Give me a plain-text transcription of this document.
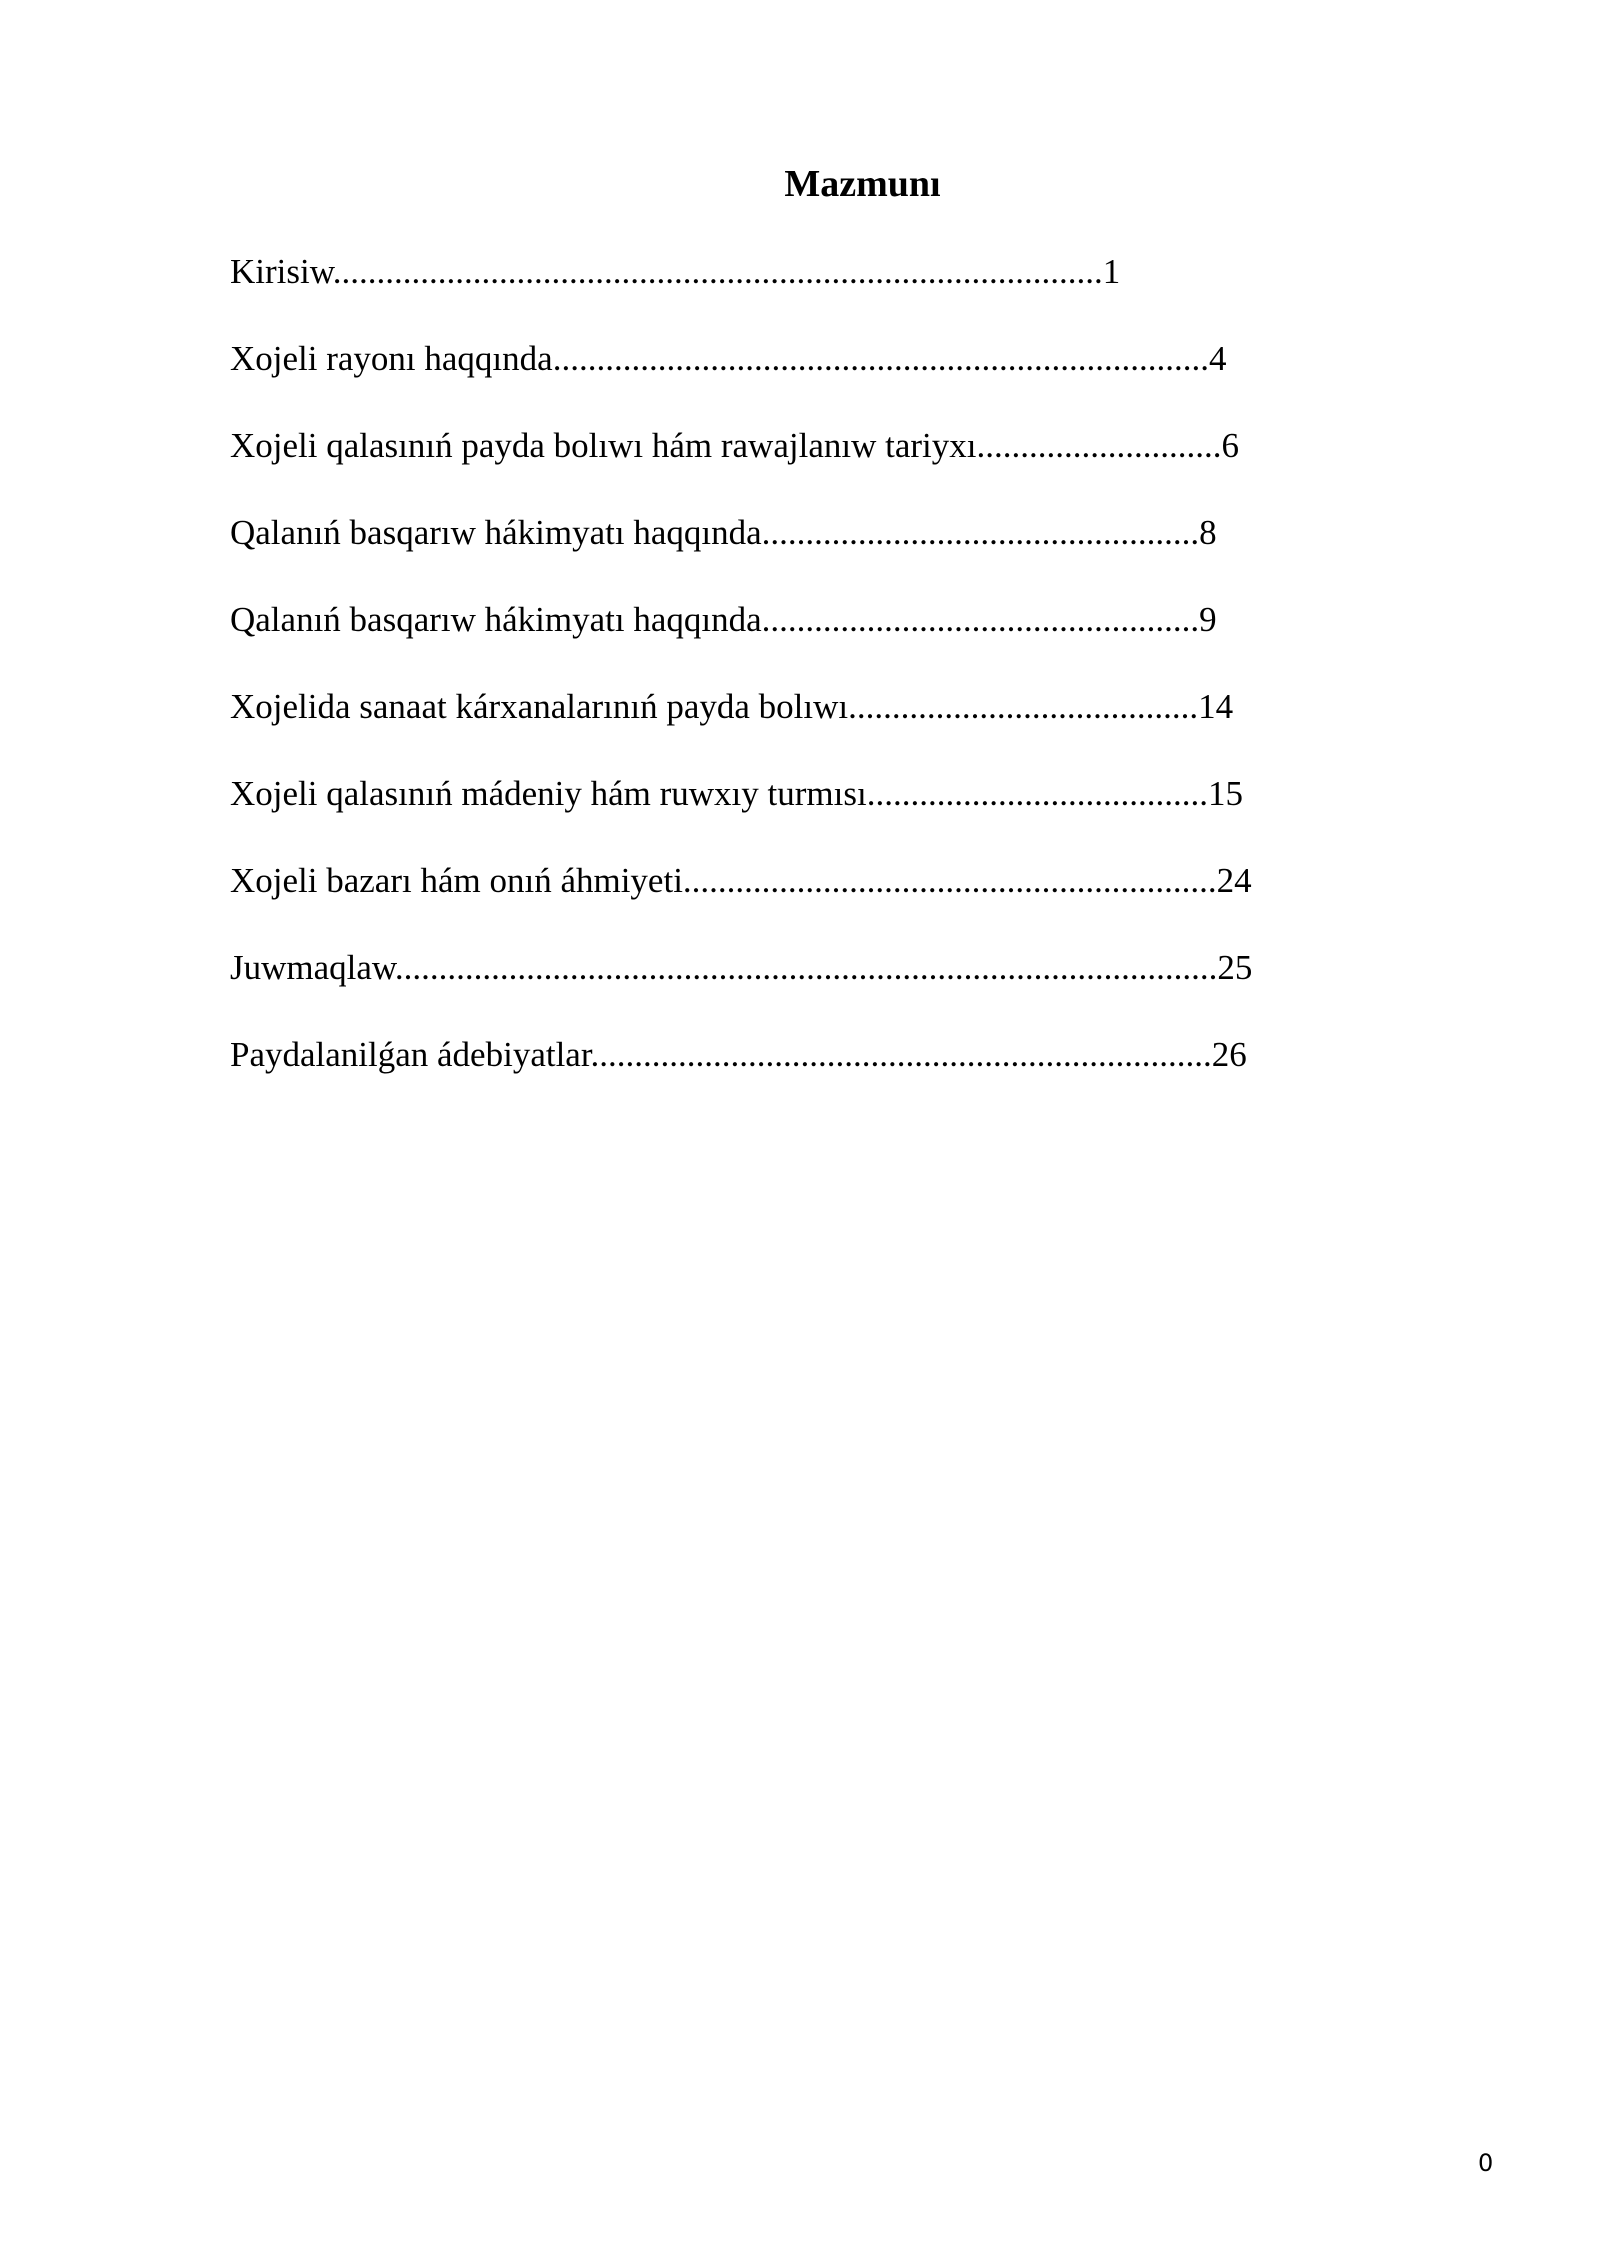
Mazmunı
Kirisiw........................................................................................1
Xojeli rayonı haqqında...........................................................................4
Xojeli qalasınıń payda bolıwı hám rawajlanıw tariyxı............................6
Qalanıń basqarıw hákimyatı haqqında..................................................8
Qalanıń basqarıw hákimyatı haqqında..................................................9
Xojelida sanaat kárxanalarınıń payda bolıwı........................................14
Xojeli qalasınıń mádeniy hám ruwxıy turmısı.......................................15
Xojeli bazarı hám onıń áhmiyeti.............................................................24
Juwmaqlaw..............................................................................................25
Paydalanilǵan ádebiyatlar.......................................................................26
0
